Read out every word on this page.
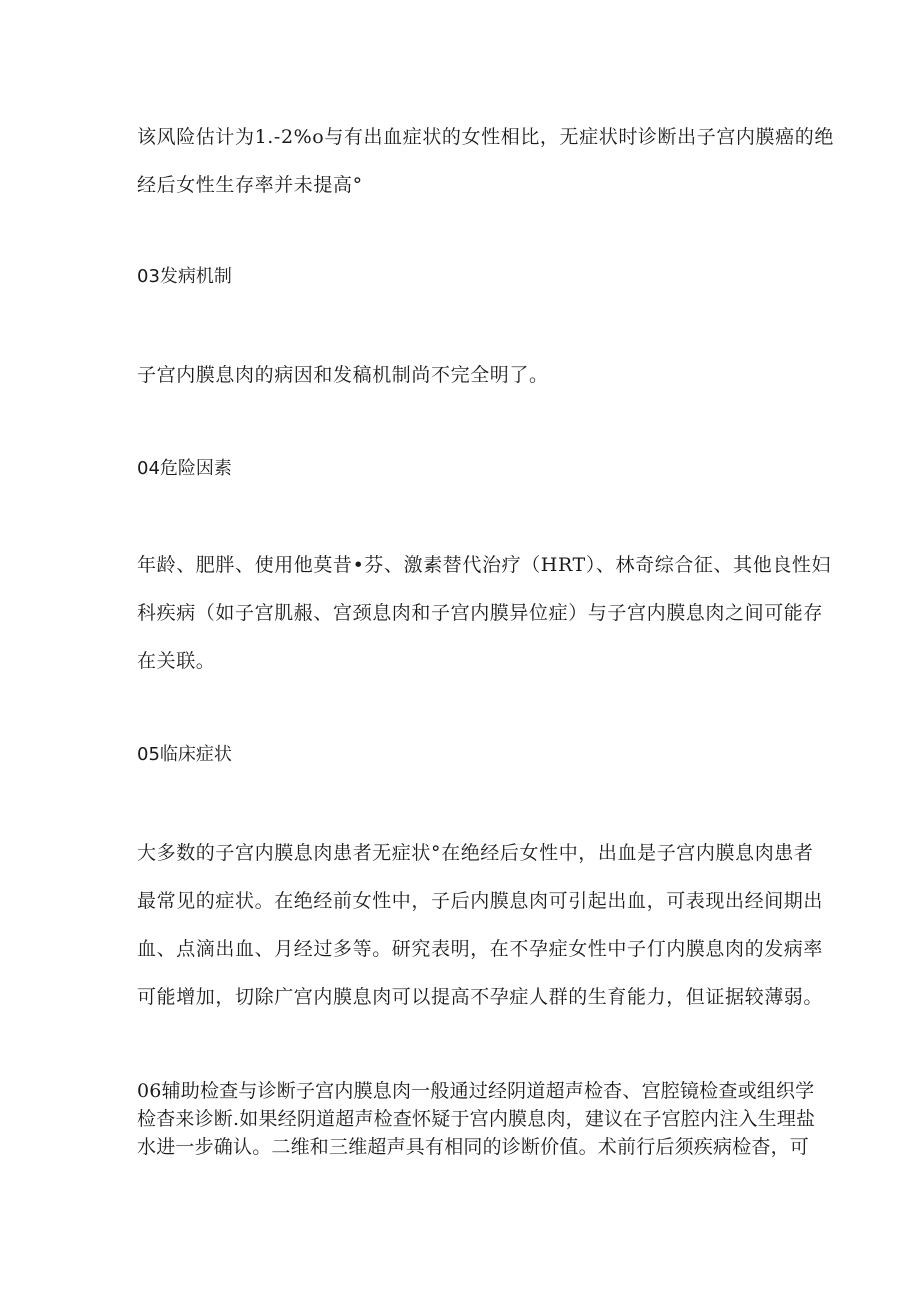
该风险估计为1.-2%o与有出血症状的女性相比，无症状时诊断出子宫内膜癌的绝

经后女性生存率并未提高°

03发病机制

子宫内膜息肉的病因和发稿机制尚不完全明了。

04危险因素

年龄、肥胖、使用他莫昔•芬、激素替代治疗（HRT）、林奇综合征、其他良性妇

科疾病（如子宫肌赧、宫颈息肉和子宫内膜异位症）与子宫内膜息肉之间可能存

在关联。

05临床症状

大多数的子宫内膜息肉患者无症状°在绝经后女性中，出血是子宫内膜息肉患者

最常见的症状。在绝经前女性中，子后内膜息肉可引起出血，可表现出经间期出

血、点滴出血、月经过多等。研究表明，在不孕症女性中子仃内膜息肉的发病率

可能增加，切除广宫内膜息肉可以提高不孕症人群的生育能力，但证据较薄弱。

06辅助检查与诊断子宫内膜息肉一般通过经阴道超声检杳、宫腔镜检查或组织学

检杳来诊断.如果经阴道超声检查怀疑于宫内膜息肉，建议在子宫腔内注入生理盐

水进一步确认。二维和三维超声具有相同的诊断价值。术前行后须疾病检杳，可
